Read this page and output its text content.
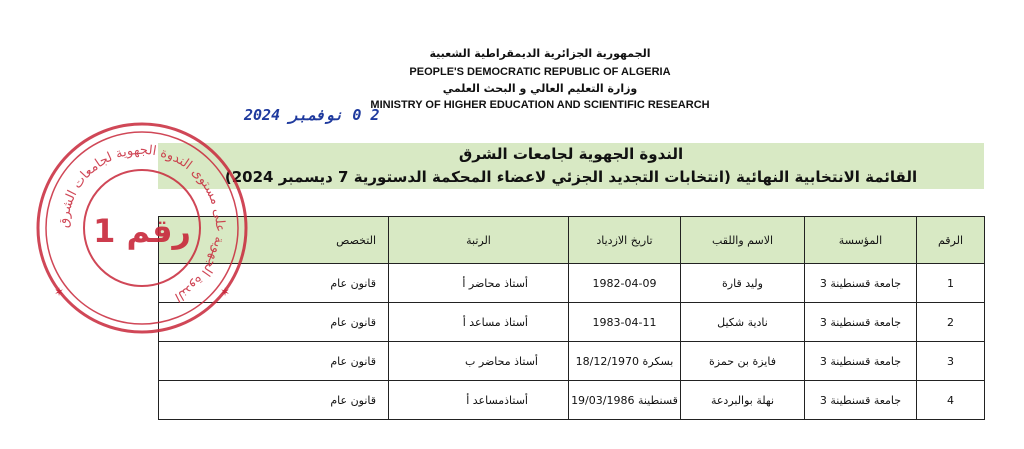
الجمهورية الجزائرية الديمقراطية الشعبية
PEOPLE'S DEMOCRATIC REPUBLIC OF ALGERIA
وزارة التعليم العالي و البحث العلمي
MINISTRY OF HIGHER EDUCATION AND SCIENTIFIC RESEARCH
2 0 نوفمبر 2024
الندوة الجهوية لجامعات الشرق
القائمة الانتخابية النهائية (انتخابات التجديد الجزئي لاعضاء المحكمة الدستورية 7 ديسمبر 2024)
الرقم	المؤسسة	الاسم واللقب	تاريخ الازدياد	الرتبة	التخصص
1	جامعة قسنطينة 3	وليد قارة	1982-04-09	أستاذ محاضر أ	قانون عام
2	جامعة قسنطينة 3	نادية شكيل	1983-04-11	أستاذ مساعد أ	قانون عام
3	جامعة قسنطينة 3	فايزة بن حمزة	بسكرة 18/12/1970	أستاذ محاضر ب	قانون عام
4	جامعة قسنطينة 3	نهلة بوالبردعة	قسنطينة 19/03/1986	أستاذمساعد أ	قانون عام
الندوة الجهوية على مستوى الندوة الجهوية لجامعات الشرق
✶	✶
رقم 1
